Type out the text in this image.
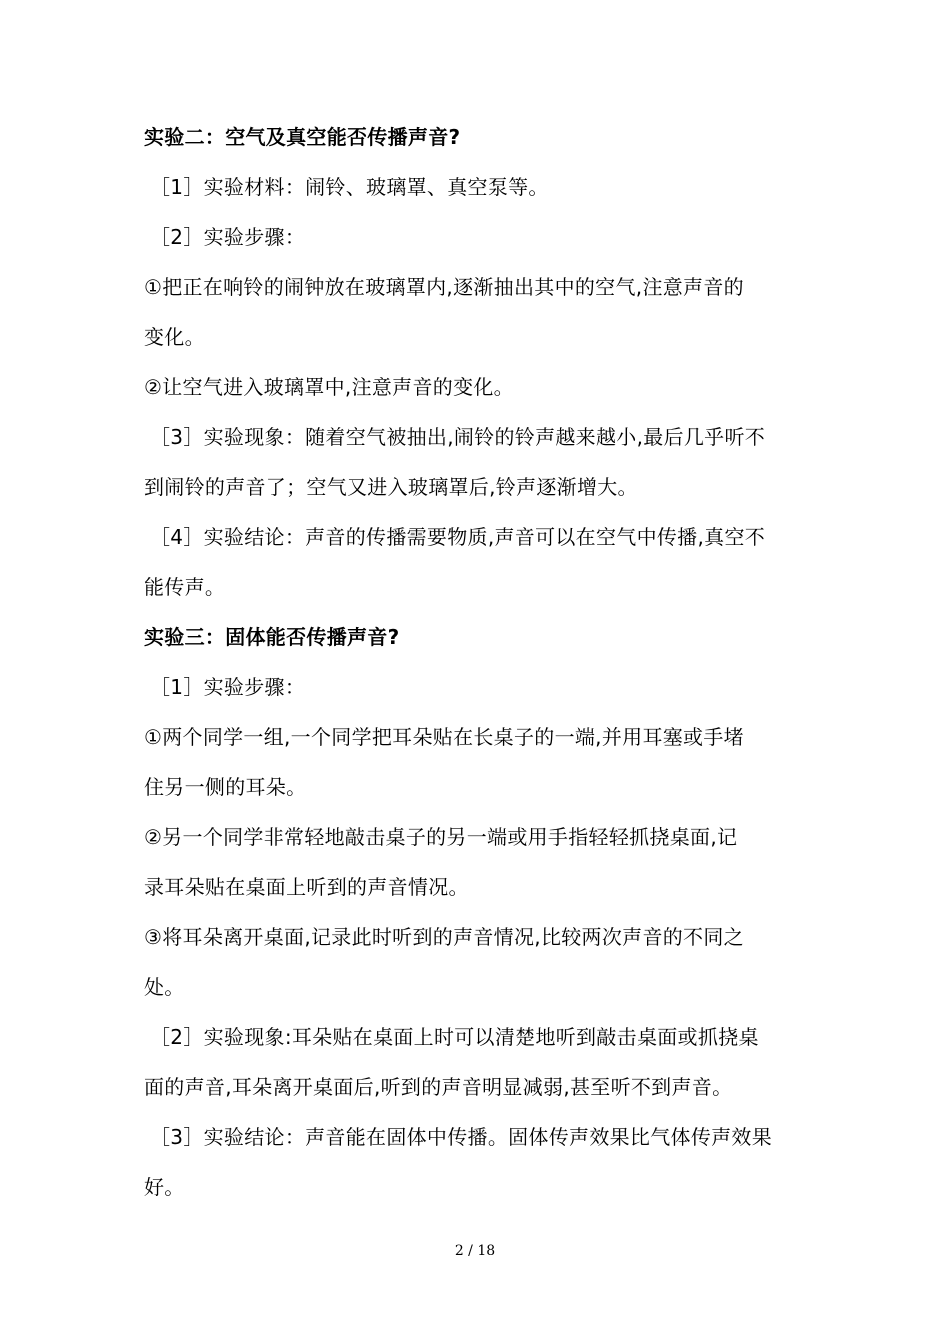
实验二：空气及真空能否传播声音?
［1］实验材料：闹铃、玻璃罩、真空泵等。
［2］实验步骤：
①把正在响铃的闹钟放在玻璃罩内,逐渐抽出其中的空气,注意声音的
变化。
②让空气进入玻璃罩中,注意声音的变化。
［3］实验现象：随着空气被抽出,闹铃的铃声越来越小,最后几乎听不
到闹铃的声音了；空气又进入玻璃罩后,铃声逐渐增大。
［4］实验结论：声音的传播需要物质,声音可以在空气中传播,真空不
能传声。
实验三：固体能否传播声音?
［1］实验步骤：
①两个同学一组,一个同学把耳朵贴在长桌子的一端,并用耳塞或手堵
住另一侧的耳朵。
②另一个同学非常轻地敲击桌子的另一端或用手指轻轻抓挠桌面,记
录耳朵贴在桌面上听到的声音情况。
③将耳朵离开桌面,记录此时听到的声音情况,比较两次声音的不同之
处。
［2］实验现象:耳朵贴在桌面上时可以清楚地听到敲击桌面或抓挠桌
面的声音,耳朵离开桌面后,听到的声音明显减弱,甚至听不到声音。
［3］实验结论：声音能在固体中传播。固体传声效果比气体传声效果
好。
2 / 18
